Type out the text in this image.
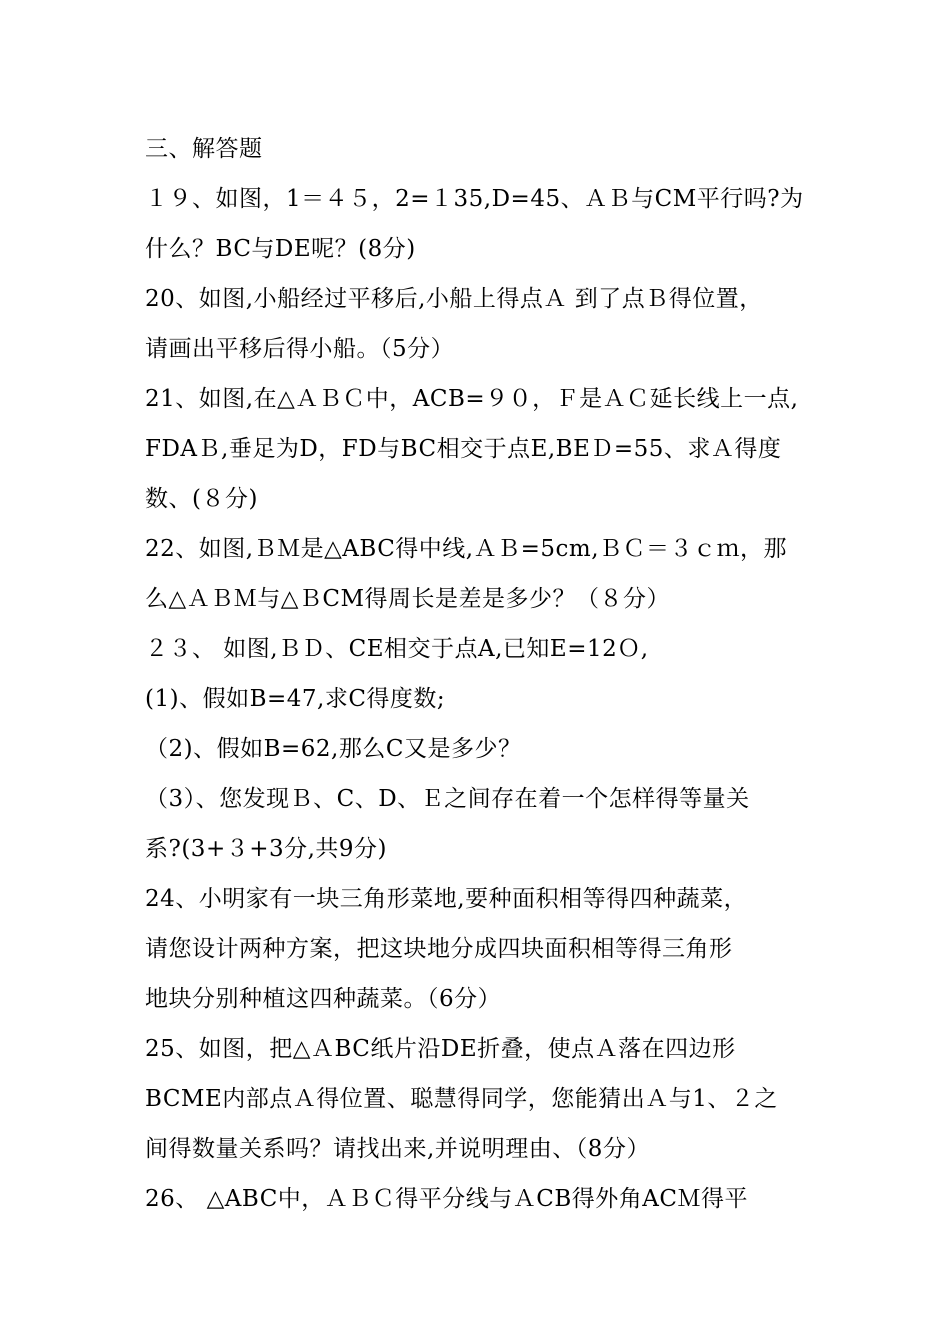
三、解答题
１９、如图，1＝４５，2=１35,D=45、ＡＢ与CM平行吗?为
什么？BC与DE呢？(8分)
20、如图,小船经过平移后,小船上得点Ａ 到了点Ｂ得位置，
请画出平移后得小船。（5分）
21、如图,在△ＡＢＣ中，ACB=９０，Ｆ是ＡＣ延长线上一点,
FDAＢ,垂足为D，FD与BC相交于点E,BEＤ=55、求Ａ得度
数、(８分)
22、如图,ＢＭ是△ABC得中线,ＡＢ=5cm,ＢＣ＝３ｃｍ，那
么△ＡＢＭ与△ＢCM得周长是差是多少？（８分）
２３、 如图,ＢＤ、CE相交于点A,已知E=12Ｏ,
(1)、假如B=47,求C得度数;
（2)、假如B=62,那么C又是多少？
（3）、您发现Ｂ、C、D、Ｅ之间存在着一个怎样得等量关
系?(3+３+3分,共9分)
24、小明家有一块三角形菜地,要种面积相等得四种蔬菜，
请您设计两种方案，把这块地分成四块面积相等得三角形
地块分别种植这四种蔬菜。（6分）
25、如图，把△ＡBC纸片沿DE折叠，使点Ａ落在四边形
BCME内部点Ａ得位置、聪慧得同学，您能猜出Ａ与1、２之
间得数量关系吗？请找出来,并说明理由、（8分）
26、 △ABC中，ＡＢＣ得平分线与ＡCB得外角ACＭ得平
